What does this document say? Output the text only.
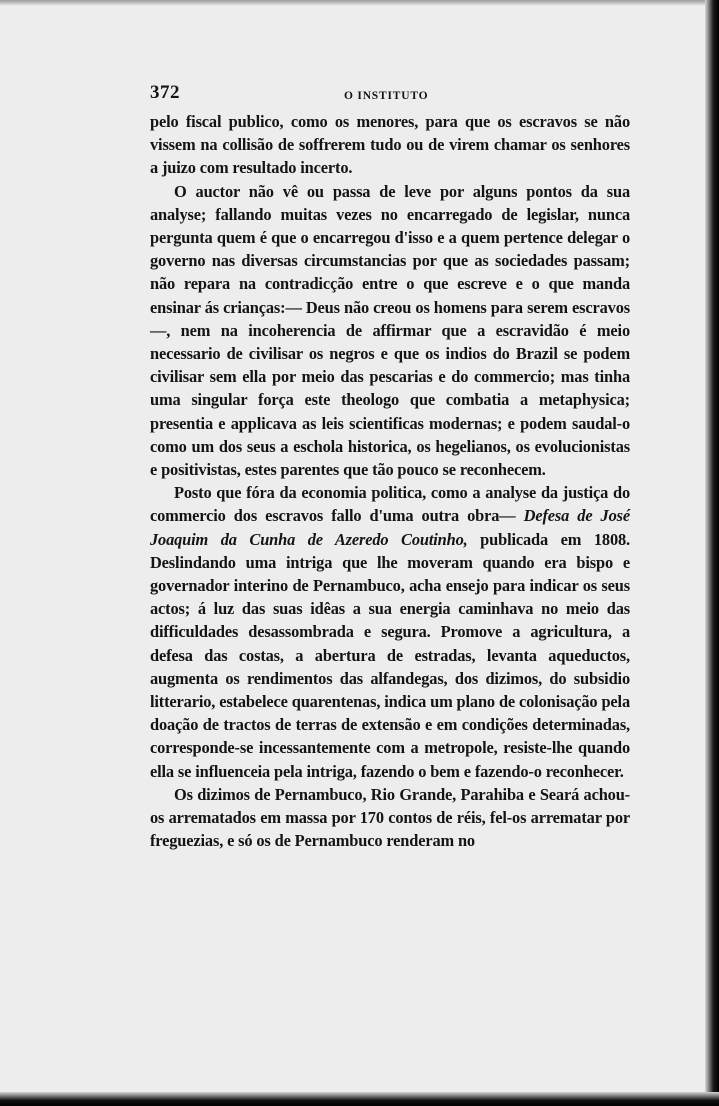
372	O INSTITUTO

pelo fiscal publico, como os menores, para que os escravos se não vissem na collisão de soffrerem tudo ou de virem chamar os senhores a juizo com resultado incerto.

O auctor não vê ou passa de leve por alguns pontos da sua analyse; fallando muitas vezes no encarregado de legislar, nunca pergunta quem é que o encarregou d'isso e a quem pertence delegar o governo nas diversas circumstancias por que as sociedades passam; não repara na contradicção entre o que escreve e o que manda ensinar ás crianças:— Deus não creou os homens para serem escravos—, nem na incoherencia de affirmar que a escravidão é meio necessario de civilisar os negros e que os indios do Brazil se podem civilisar sem ella por meio das pescarias e do commercio; mas tinha uma singular força este theologo que combatia a metaphysica; presentia e applicava as leis scientificas modernas; e podem saudal-o como um dos seus a eschola historica, os hegelianos, os evolucionistas e positivistas, estes parentes que tão pouco se reconhecem.

Posto que fóra da economia politica, como a analyse da justiça do commercio dos escravos fallo d'uma outra obra— Defesa de José Joaquim da Cunha de Azeredo Coutinho, publicada em 1808. Deslindando uma intriga que lhe moveram quando era bispo e governador interino de Pernambuco, acha ensejo para indicar os seus actos; á luz das suas idêas a sua energia caminhava no meio das difficuldades desassombrada e segura. Promove a agricultura, a defesa das costas, a abertura de estradas, levanta aqueductos, augmenta os rendimentos das alfandegas, dos dizimos, do subsidio litterario, estabelece quarentenas, indica um plano de colonisação pela doação de tractos de terras de extensão e em condições determinadas, corresponde-se incessantemente com a metropole, resiste-lhe quando ella se influenceia pela intriga, fazendo o bem e fazendo-o reconhecer.

Os dizimos de Pernambuco, Rio Grande, Parahiba e Seará achou-os arrematados em massa por 170 contos de réis, fel-os arrematar por freguezias, e só os de Pernambuco renderam no
